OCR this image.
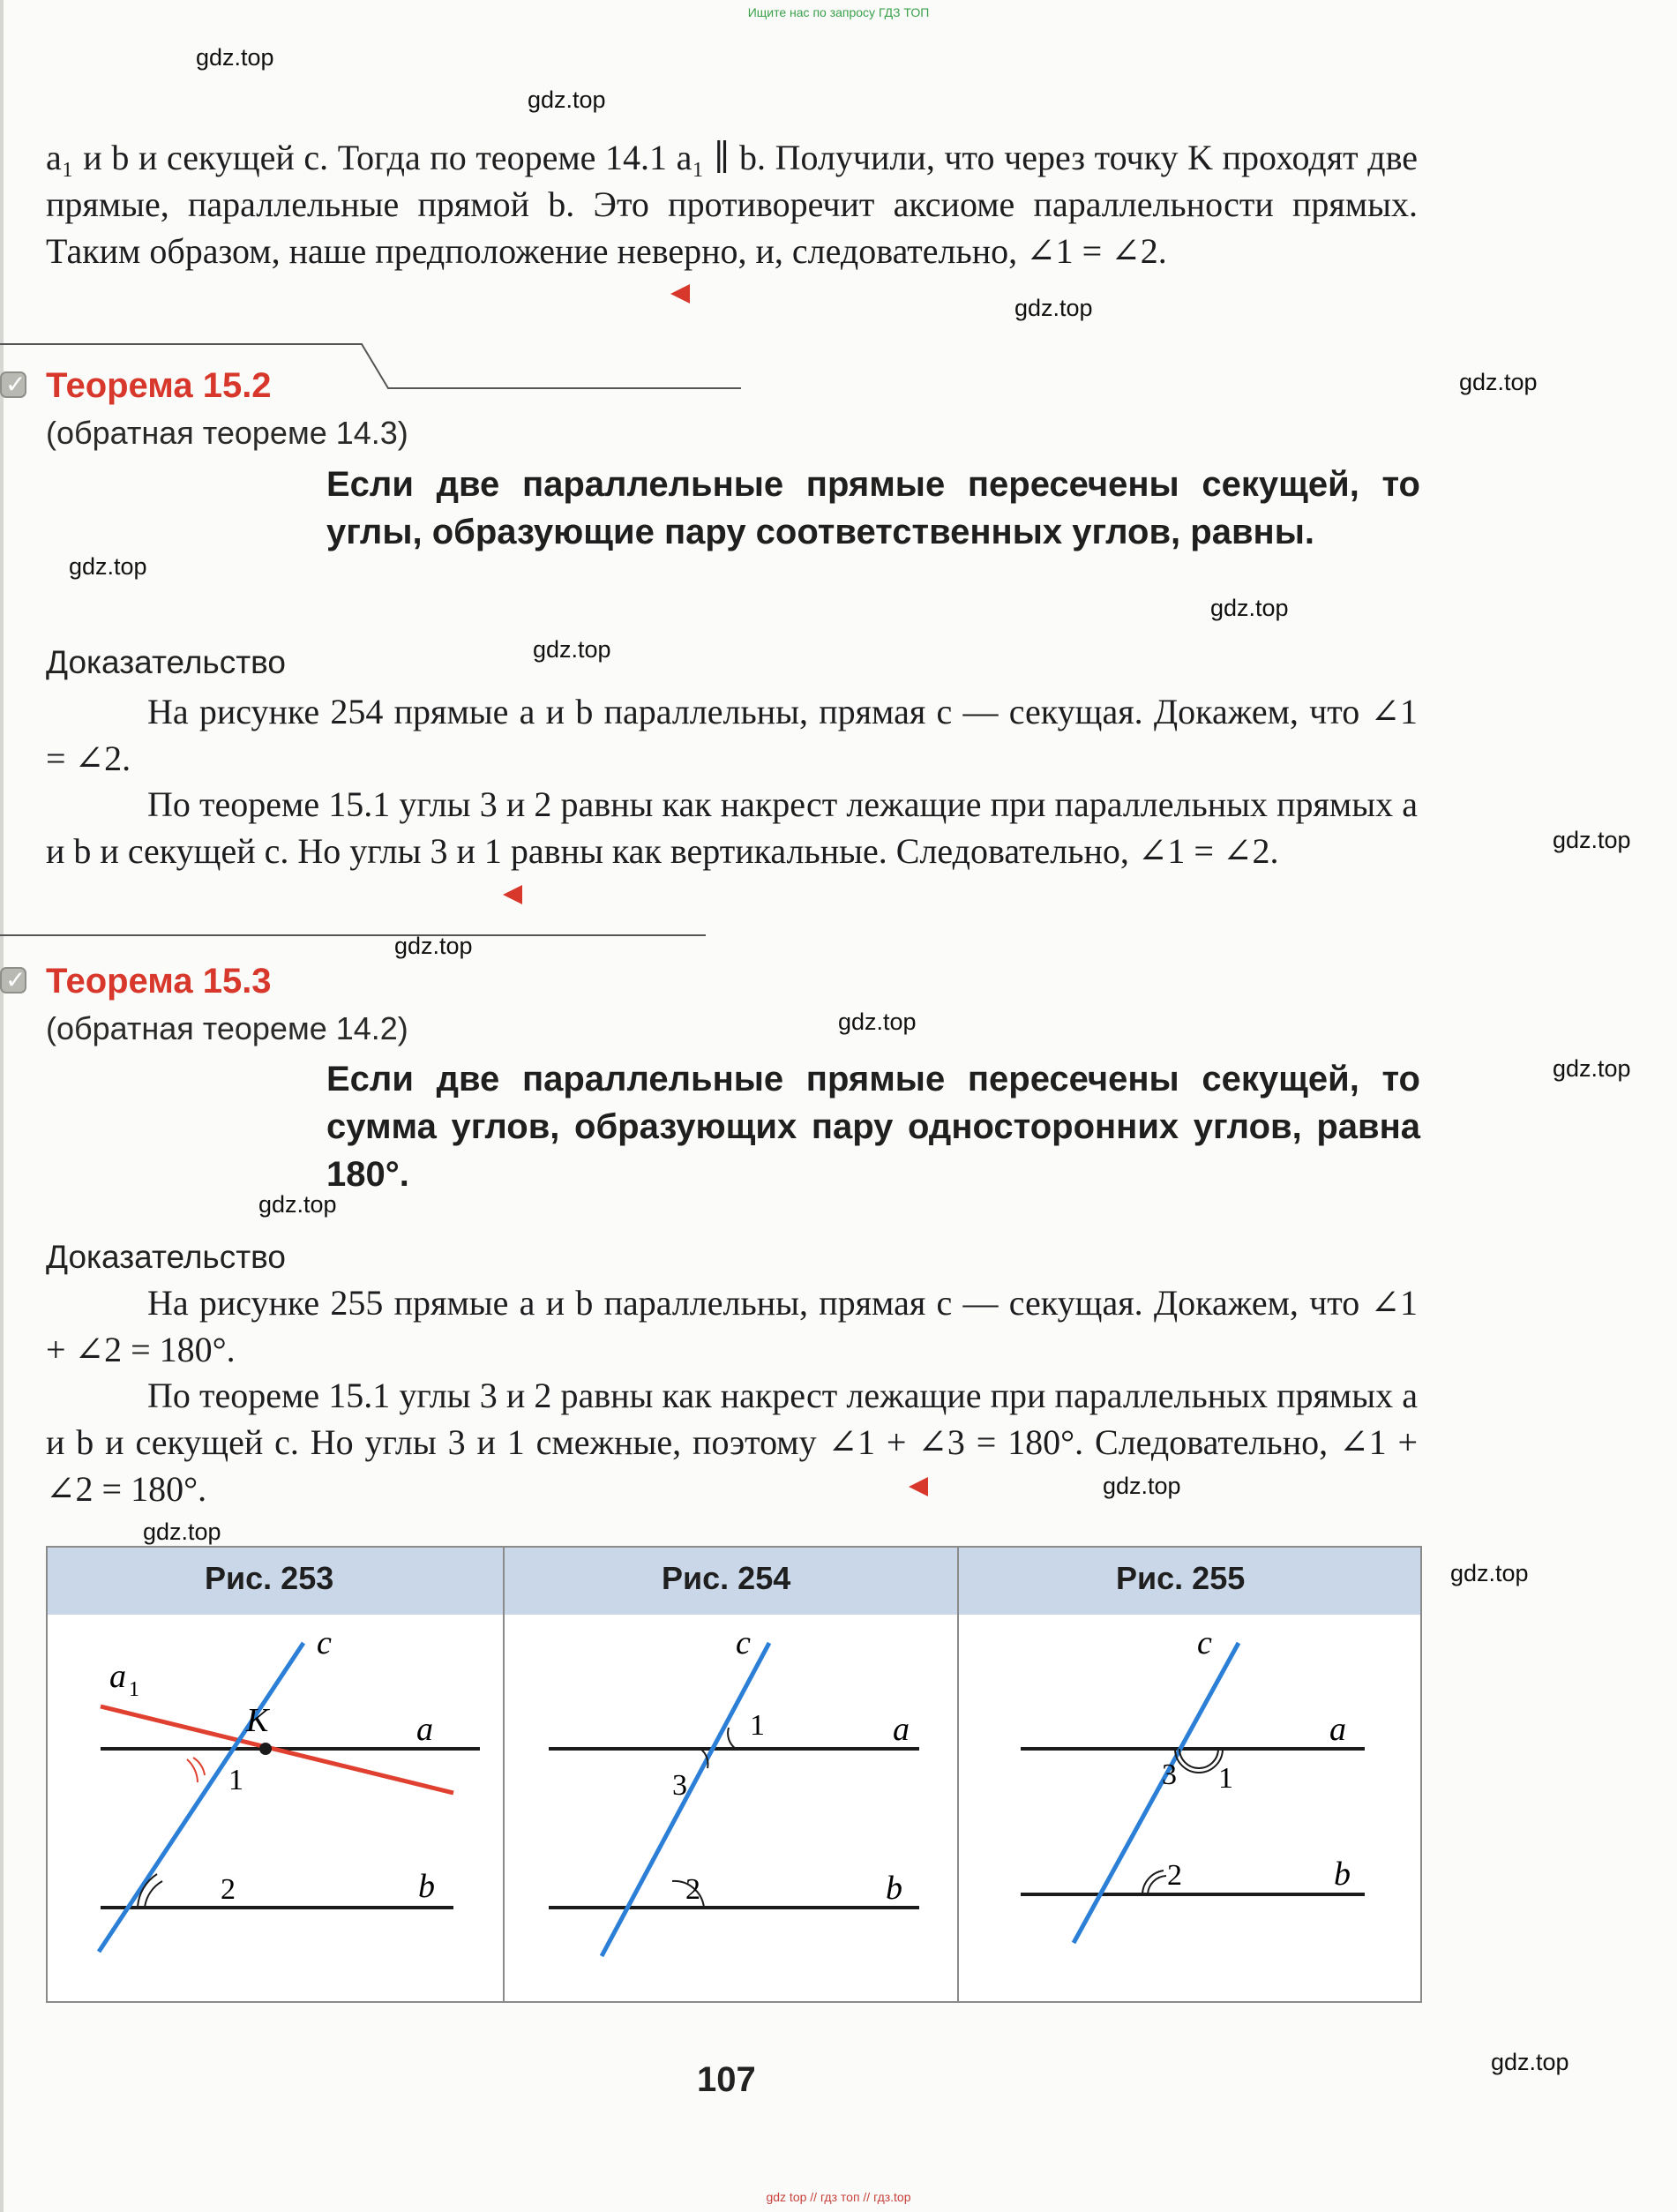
Ищите нас по запросу ГДЗ ТОП
gdz.top
gdz.top
gdz.top
gdz.top
gdz.top
gdz.top
gdz.top
gdz.top
gdz.top
gdz.top
gdz.top
gdz.top
gdz.top
gdz.top
gdz.top
gdz.top
a₁ и b и секущей c. Тогда по теореме 14.1 a₁ ∥ b. Получили, что через точку K проходят две прямые, параллельные прямой b. Это противоречит аксиоме параллельности прямых. Таким образом, наше предположение неверно, и, следовательно, ∠1 = ∠2.
✓
Теорема 15.2
(обратная теореме 14.3)
Если две параллельные прямые пересечены секущей, то углы, образующие пару соответственных углов, равны.
Доказательство
На рисунке 254 прямые a и b параллельны, прямая c — секущая. Докажем, что ∠1 = ∠2.
По теореме 15.1 углы 3 и 2 равны как накрест лежащие при параллельных прямых a и b и секущей c. Но углы 3 и 1 равны как вертикальные. Следовательно, ∠1 = ∠2.
✓
Теорема 15.3
(обратная теореме 14.2)
Если две параллельные прямые пересечены секущей, то сумма углов, образующих пару односторонних углов, равна 180°.
Доказательство
На рисунке 255 прямые a и b параллельны, прямая c — секущая. Докажем, что ∠1 + ∠2 = 180°.
По теореме 15.1 углы 3 и 2 равны как накрест лежащие при параллельных прямых a и b и секущей c. Но углы 3 и 1 смежные, поэтому ∠1 + ∠3 = 180°. Следовательно, ∠1 + ∠2 = 180°.
Рис. 253	Рис. 254	Рис. 255
a 1
c
K	a
1
2	b
c
1	a
3
2	b
c
a
3 1
2	b
107
gdz top // гдз топ // гдз.top
